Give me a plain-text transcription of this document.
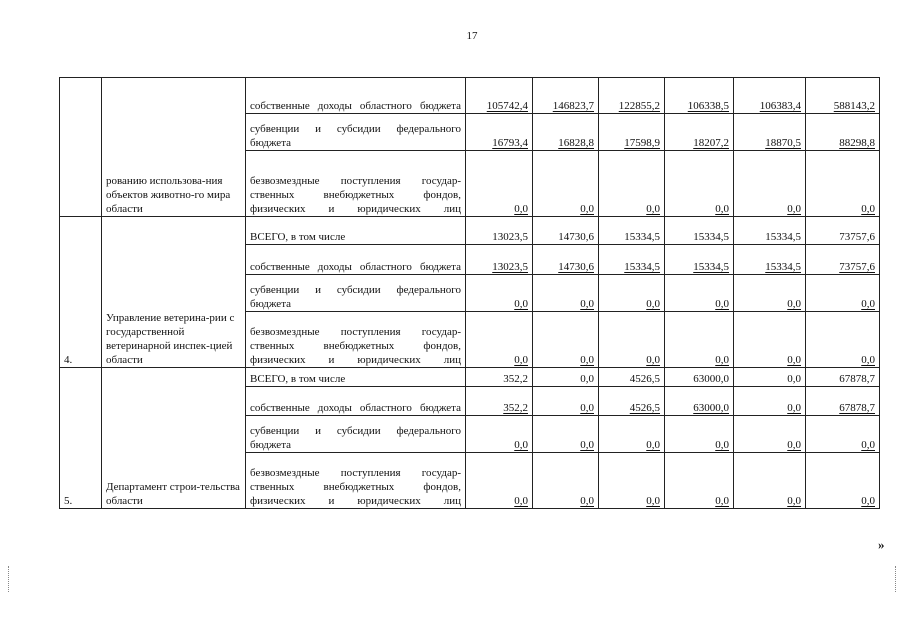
17
	рованию использова-ния объектов животно-го мира области	собственные доходы областного бюджета	105742,4	146823,7	122855,2	106338,5	106383,4	588143,2
		субвенции и субсидии федерального бюджета	16793,4	16828,8	17598,9	18207,2	18870,5	88298,8
		безвозмездные поступления государ-ственных внебюджетных фондов, физических и юридических лиц	0,0	0,0	0,0	0,0	0,0	0,0
4.	Управление ветерина-рии с государственной ветеринарной инспек-цией области	ВСЕГО, в том числе	13023,5	14730,6	15334,5	15334,5	15334,5	73757,6
		собственные доходы областного бюджета	13023,5	14730,6	15334,5	15334,5	15334,5	73757,6
		субвенции и субсидии федерального бюджета	0,0	0,0	0,0	0,0	0,0	0,0
		безвозмездные поступления государ-ственных внебюджетных фондов, физических и юридических лиц	0,0	0,0	0,0	0,0	0,0	0,0
5.	Департамент строи-тельства области	ВСЕГО, в том числе	352,2	0,0	4526,5	63000,0	0,0	67878,7
		собственные доходы областного бюджета	352,2	0,0	4526,5	63000,0	0,0	67878,7
		субвенции и субсидии федерального бюджета	0,0	0,0	0,0	0,0	0,0	0,0
		безвозмездные поступления государ-ственных внебюджетных фондов, физических и юридических лиц	0,0	0,0	0,0	0,0	0,0	0,0
»
